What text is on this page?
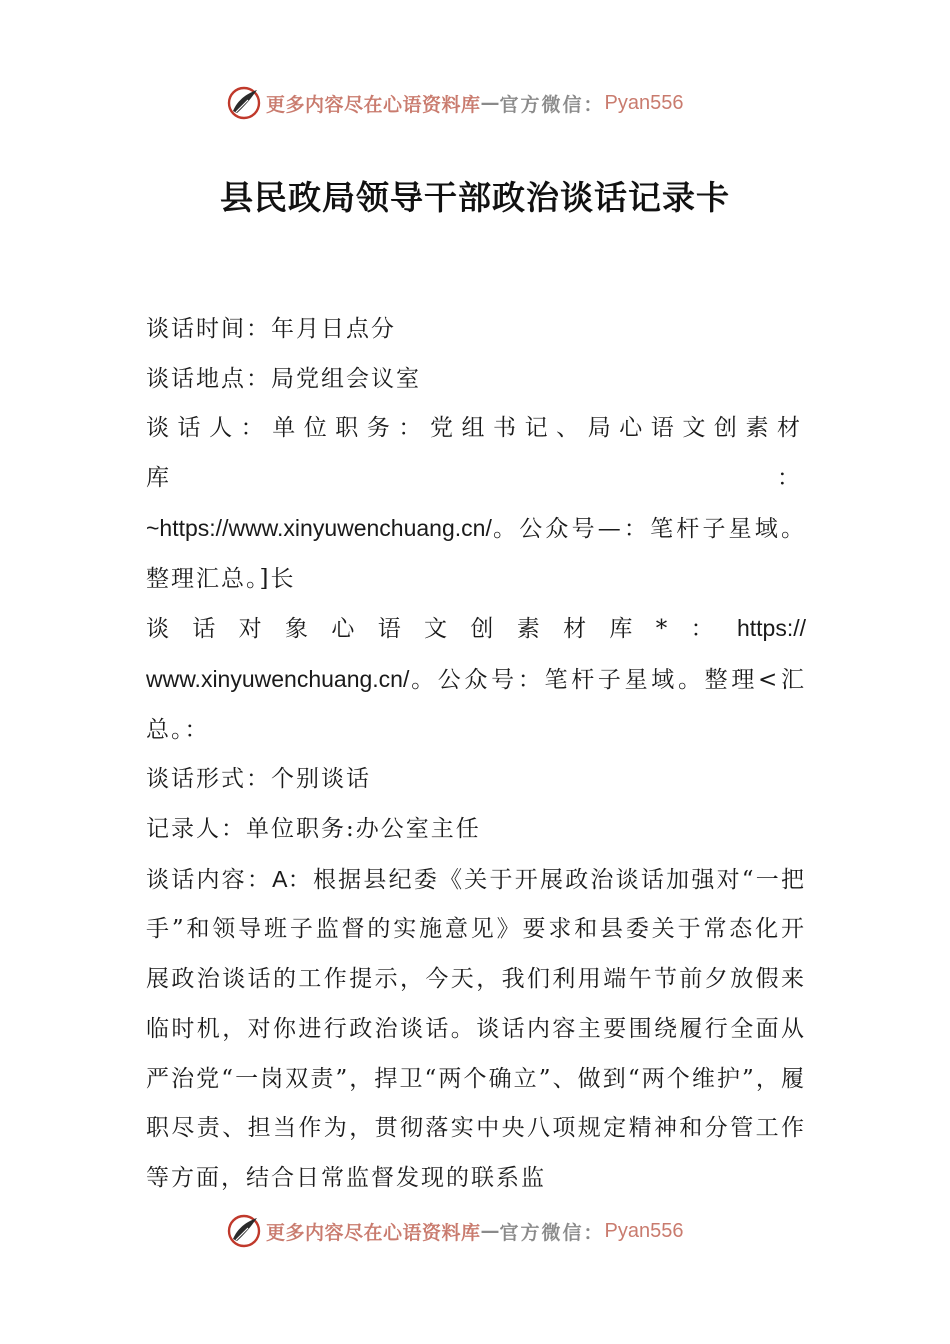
更多内容尽在心语资料库 — 官方微信： Pyan556
县民政局领导干部政治谈话记录卡

谈话时间：年月日点分

谈话地点：局党组会议室

谈话人：单位职务：党组书记、局心语文创素材库：

~https://www.xinyuwenchuang.cn/。公众号—：笔杆子星域。

整理汇总。]长

谈话对象心语文创素材库*：https://

www.xinyuwenchuang.cn/。公众号：笔杆子星域。整理<汇

总。：

谈话形式：个别谈话

记录人：单位职务:办公室主任

谈话内容：A：根据县纪委《关于开展政治谈话加强对“一把手”和领导班子监督的实施意见》要求和县委关于常态化开展政治谈话的工作提示，今天，我们利用端午节前夕放假来临时机，对你进行政治谈话。谈话内容主要围绕履行全面从严治党“一岗双责”，捍卫“两个确立”、做到“两个维护”，履职尽责、担当作为，贯彻落实中央八项规定精神和分管工作等方面，结合日常监督发现的联系监

更多内容尽在心语资料库 — 官方微信： Pyan556
